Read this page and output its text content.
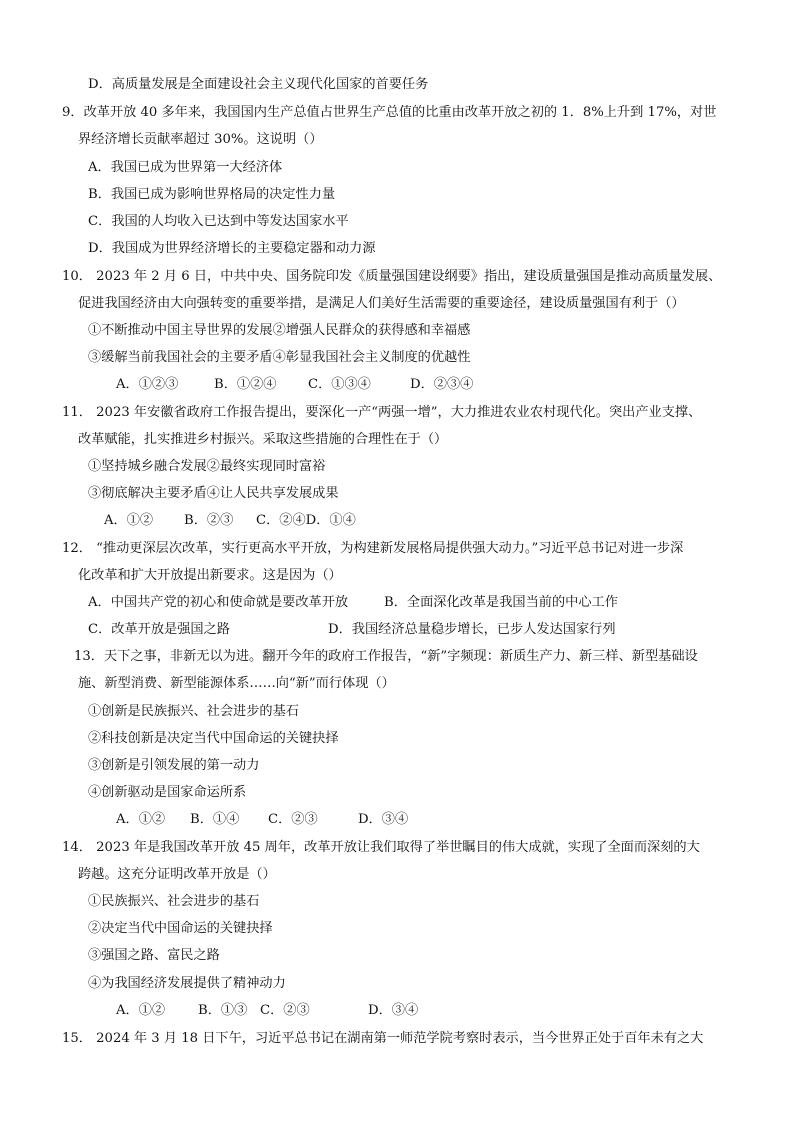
D．高质量发展是全面建设社会主义现代化国家的首要任务
9．改革开放 40 多年来，我国国内生产总值占世界生产总值的比重由改革开放之初的 1．8%上升到 17%，对世
界经济增长贡献率超过 30%。这说明（）
A．我国已成为世界第一大经济体
B．我国已成为影响世界格局的决定性力量
C．我国的人均收入已达到中等发达国家水平
D．我国成为世界经济增长的主要稳定器和动力源
10． 2023 年 2 月 6 日，中共中央、国务院印发《质量强国建设纲要》指出，建设质量强国是推动高质量发展、
促进我国经济由大向强转变的重要举措，是满足人们美好生活需要的重要途径，建设质量强国有利于（）
①不断推动中国主导世界的发展②增强人民群众的获得感和幸福感
③缓解当前我国社会的主要矛盾④彰显我国社会主义制度的优越性
A．①②③	B．①②④ C．①③④	D．②③④
11． 2023 年安徽省政府工作报告提出，要深化一产“两强一增”，大力推进农业农村现代化。突出产业支撑、
改革赋能，扎实推进乡村振兴。采取这些措施的合理性在于（）
①坚持城乡融合发展②最终实现同时富裕
③彻底解决主要矛盾④让人民共享发展成果
A．①② B．②③ C．②④D．①④
12． “推动更深层次改革，实行更高水平开放，为构建新发展格局提供强大动力。”习近平总书记对进一步深
化改革和扩大开放提出新要求。这是因为（）
A．中国共产党的初心和使命就是要改革开放	B．全面深化改革是我国当前的中心工作
C．改革开放是强国之路	D．我国经济总量稳步增长，已步人发达国家行列
13．天下之事，非新无以为进。翻开今年的政府工作报告，“新”字频现：新质生产力、新三样、新型基础设
施、新型消费、新型能源体系……向“新”而行体现（）
①创新是民族振兴、社会进步的基石
②科技创新是决定当代中国命运的关键抉择
③创新是引领发展的第一动力
④创新驱动是国家命运所系
A．①② B．①④ C．②③	D．③④
14． 2023 年是我国改革开放 45 周年，改革开放让我们取得了举世瞩目的伟大成就，实现了全面而深刻的大
跨越。这充分证明改革开放是（）
①民族振兴、社会进步的基石
②决定当代中国命运的关键抉择
③强国之路、富民之路
④为我国经济发展提供了精神动力
A．①② B．①③ C．②③	D．③④
15． 2024 年 3 月 18 日下午，习近平总书记在湖南第一师范学院考察时表示，当今世界正处于百年未有之大
